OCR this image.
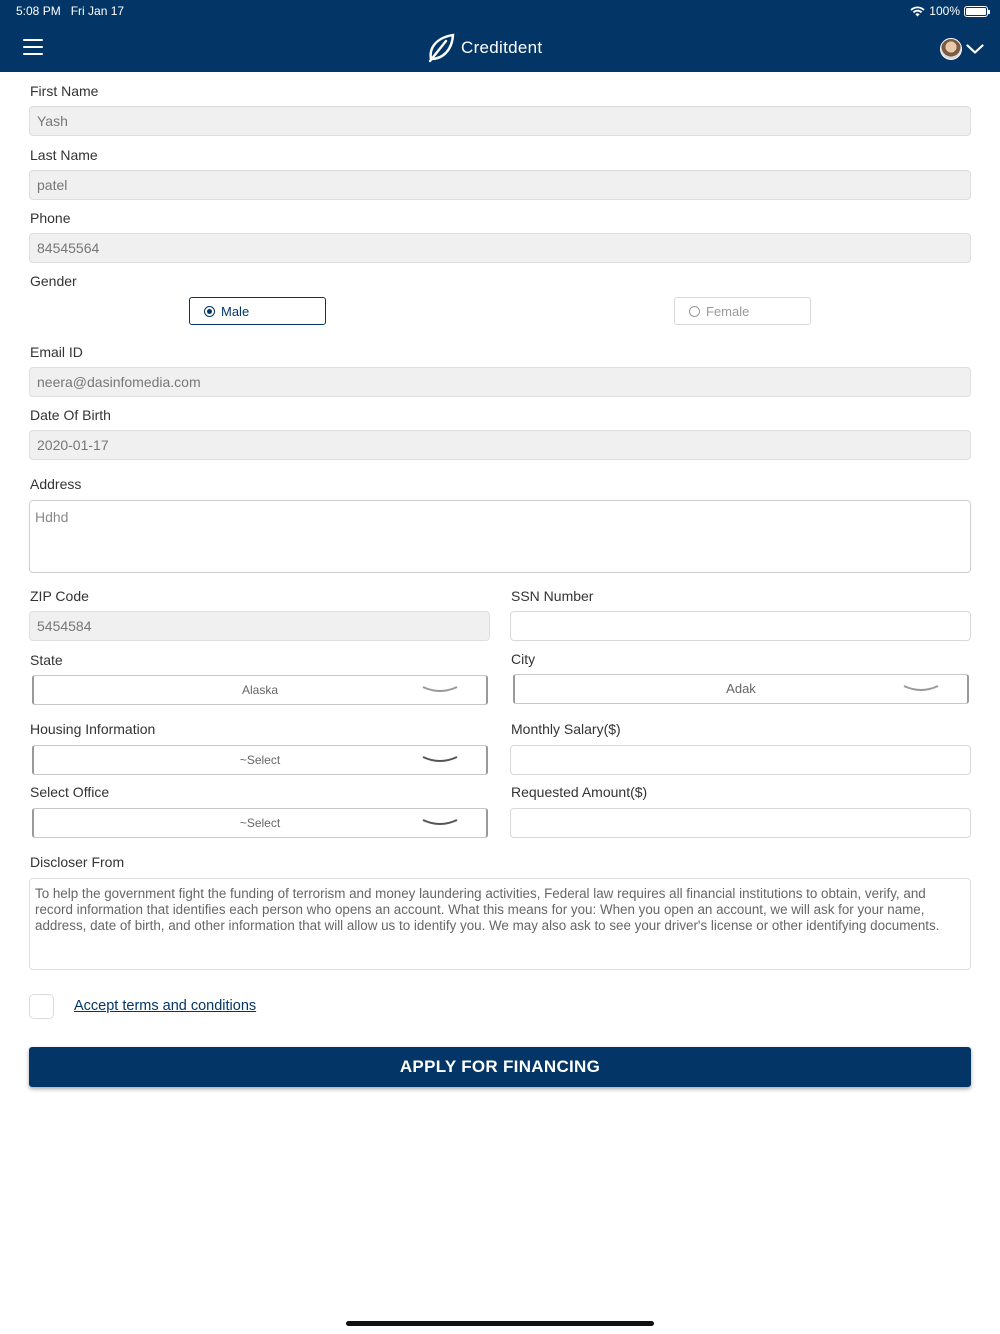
5:08 PM Fri Jan 17	100%
Creditdent
First Name
Yash
Last Name
patel
Phone
84545564
Gender
Male	Female
Email ID
neera@dasinfomedia.com
Date Of Birth
2020-01-17
Address
Hdhd
ZIP Code
5454584
SSN Number
State
Alaska
City
Adak
Housing Information
~Select
Monthly Salary($)
Select Office
~Select
Requested Amount($)
Discloser From
To help the government fight the funding of terrorism and money laundering activities, Federal law requires all financial institutions to obtain, verify, and record information that identifies each person who opens an account. What this means for you: When you open an account, we will ask for your name, address, date of birth, and other information that will allow us to identify you. We may also ask to see your driver's license or other identifying documents.
Accept terms and conditions
APPLY FOR FINANCING
